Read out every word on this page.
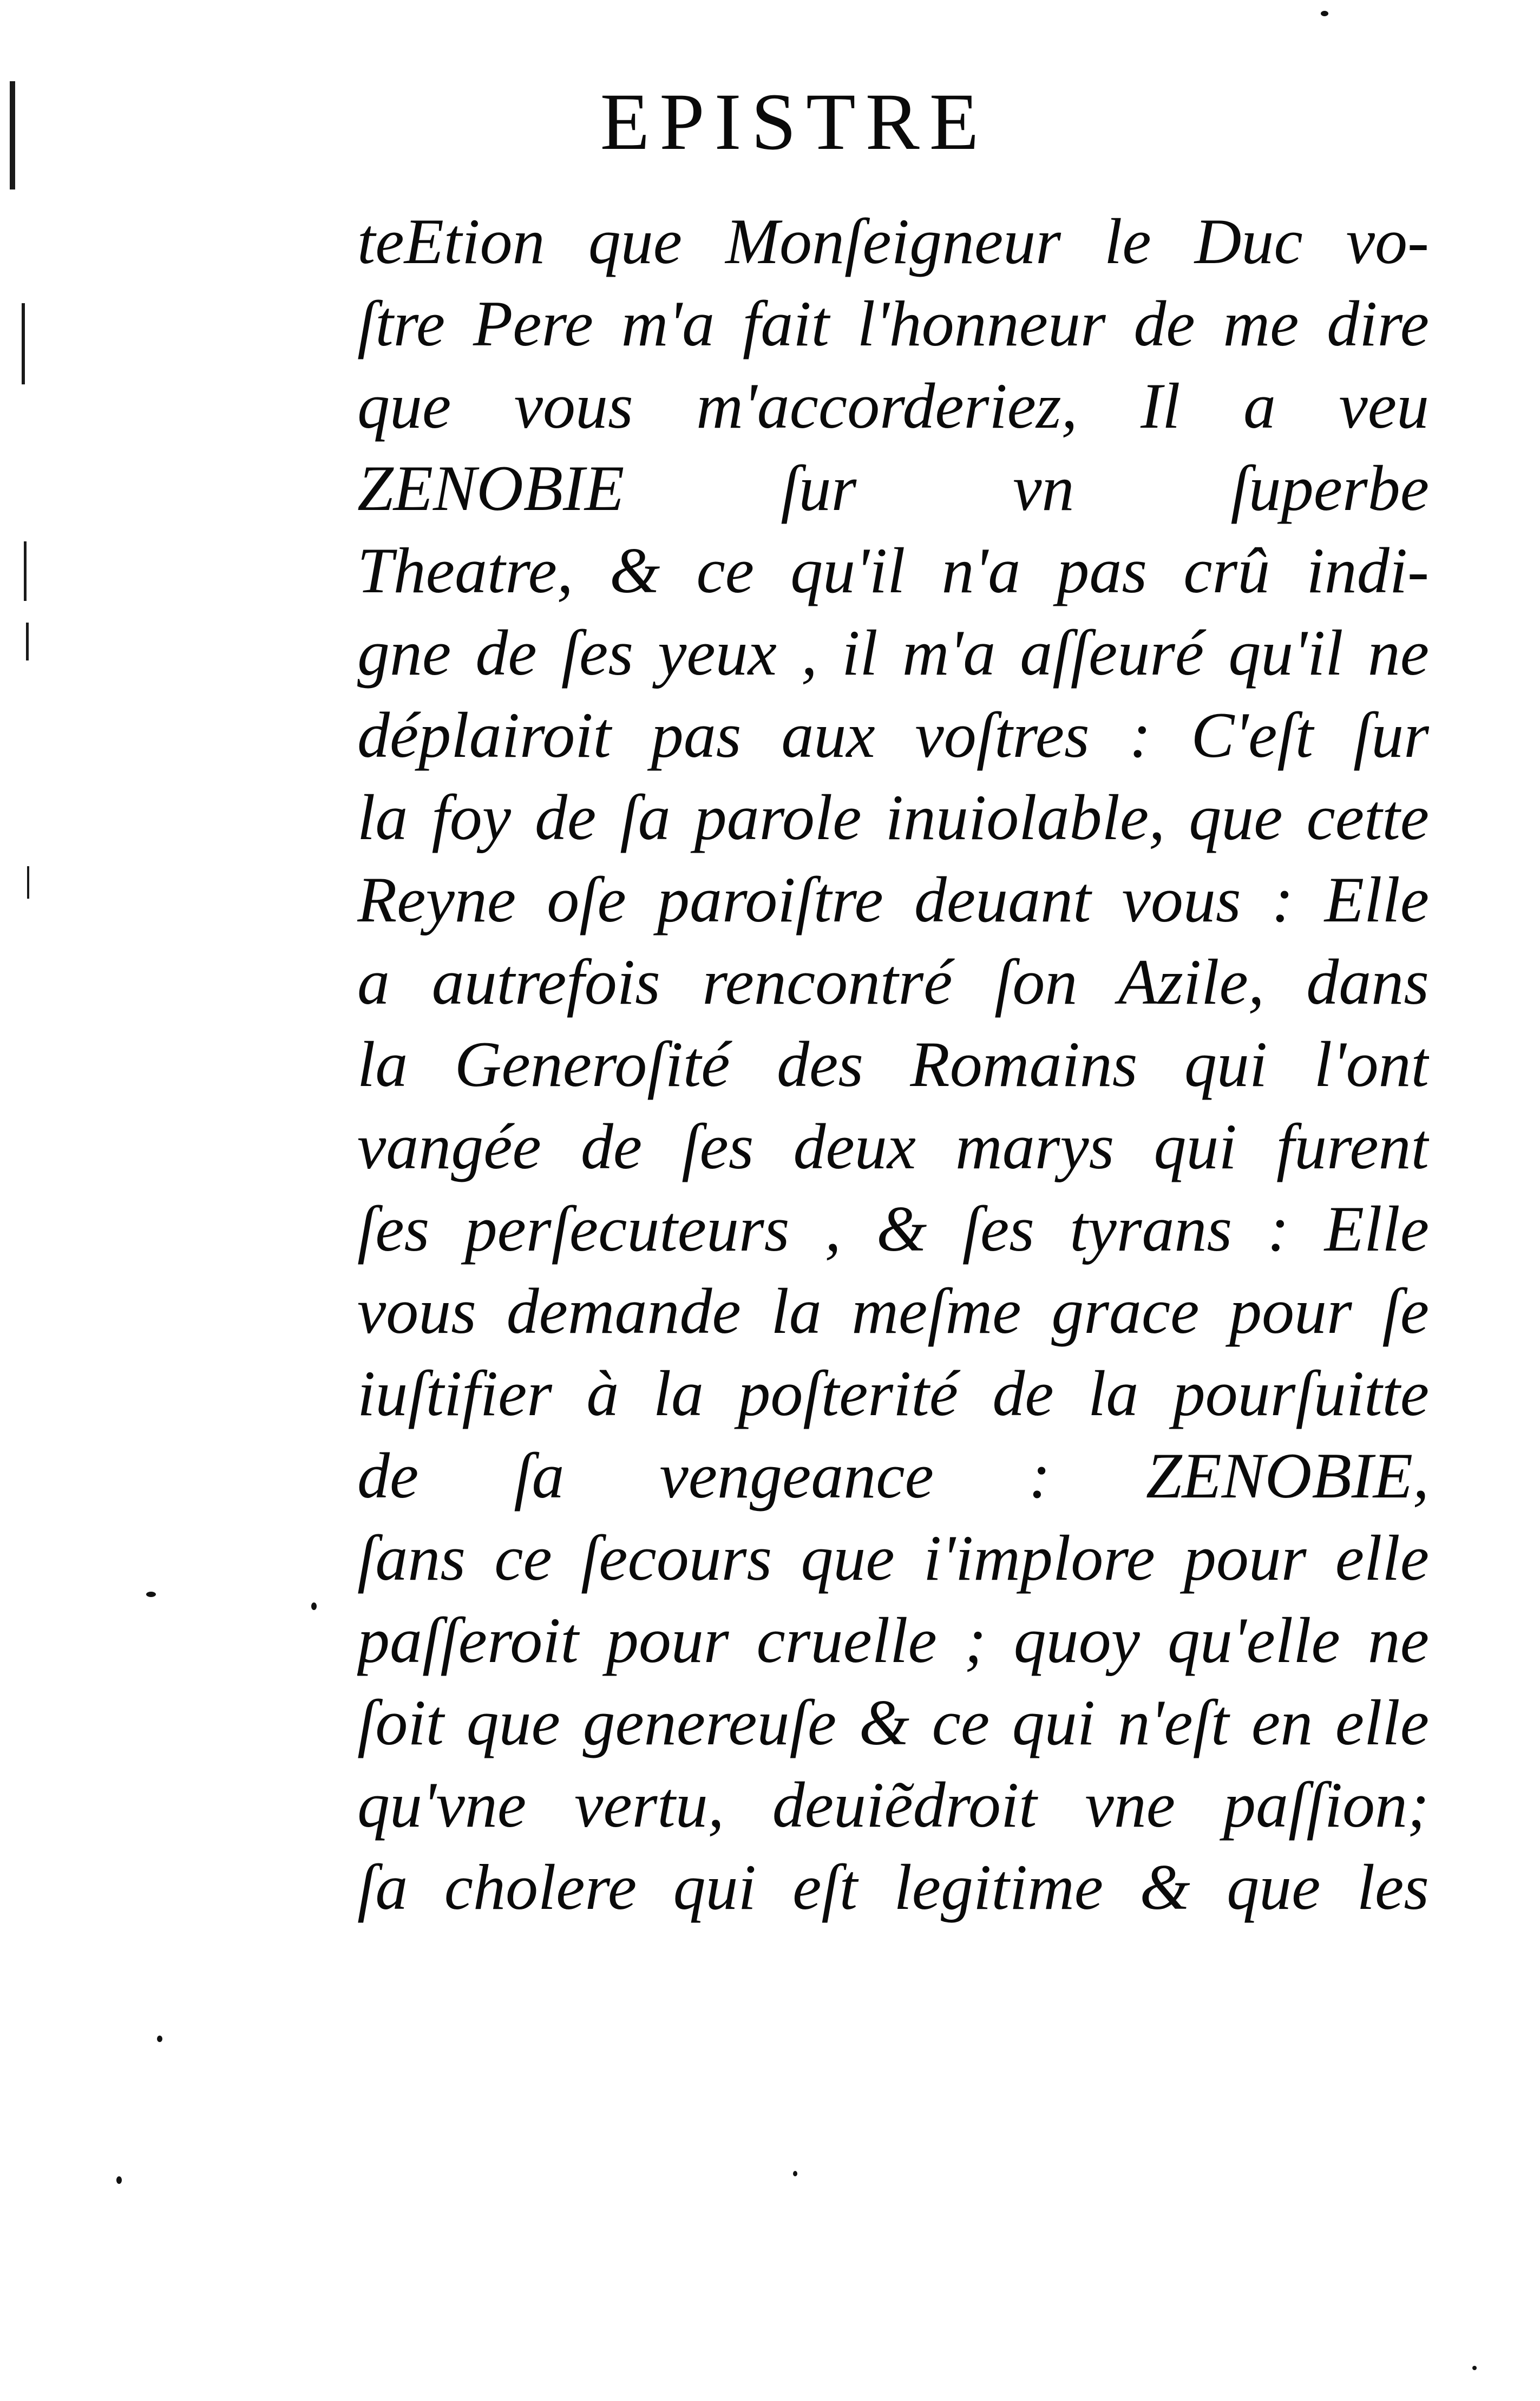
EPISTRE
teEtion que Monſeigneur le Duc vo-
ſtre Pere m'a fait l'honneur de me dire
que vous m'accorderiez, Il a veu
ZENOBIE ſur vn ſuperbe
Theatre, & ce qu'il n'a pas crû indi-
gne de ſes yeux , il m'a aſſeuré qu'il ne
déplairoit pas aux voſtres : C'eſt ſur
la foy de ſa parole inuiolable, que cette
Reyne oſe paroiſtre deuant vous : Elle
a autrefois rencontré ſon Azile, dans
la Generoſité des Romains qui l'ont
vangée de ſes deux marys qui furent
ſes perſecuteurs , & ſes tyrans : Elle
vous demande la meſme grace pour ſe
iuſtifier à la poſterité de la pourſuitte
de ſa vengeance : ZENOBIE,
ſans ce ſecours que i'implore pour elle
paſſeroit pour cruelle ; quoy qu'elle ne
ſoit que genereuſe & ce qui n'eſt en elle
qu'vne vertu, deuiẽdroit vne paſſion;
ſa cholere qui eſt legitime & que les
